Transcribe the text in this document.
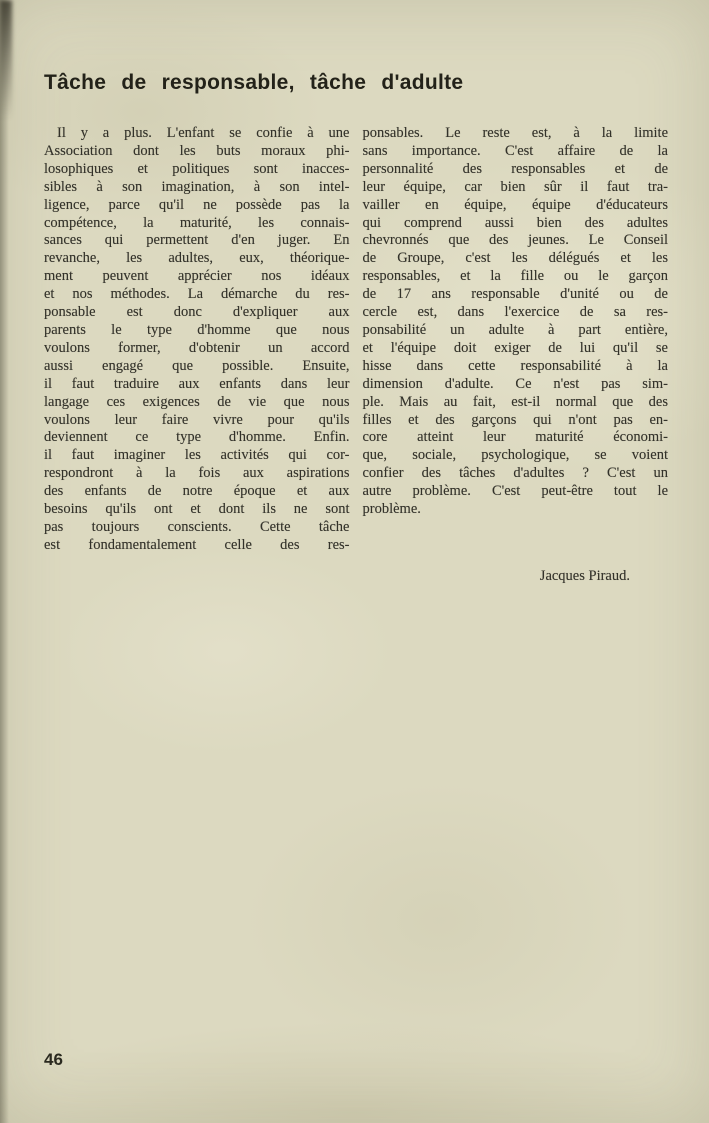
Tâche de responsable, tâche d'adulte
Il y a plus. L'enfant se confie à une
Association dont les buts moraux phi-
losophiques et politiques sont inacces-
sibles à son imagination, à son intel-
ligence, parce qu'il ne possède pas la
compétence, la maturité, les connais-
sances qui permettent d'en juger. En
revanche, les adultes, eux, théorique-
ment peuvent apprécier nos idéaux
et nos méthodes. La démarche du res-
ponsable est donc d'expliquer aux
parents le type d'homme que nous
voulons former, d'obtenir un accord
aussi engagé que possible. Ensuite,
il faut traduire aux enfants dans leur
langage ces exigences de vie que nous
voulons leur faire vivre pour qu'ils
deviennent ce type d'homme. Enfin.
il faut imaginer les activités qui cor-
respondront à la fois aux aspirations
des enfants de notre époque et aux
besoins qu'ils ont et dont ils ne sont
pas toujours conscients. Cette tâche
est fondamentalement celle des res-
ponsables. Le reste est, à la limite
sans importance. C'est affaire de la
personnalité des responsables et de
leur équipe, car bien sûr il faut tra-
vailler en équipe, équipe d'éducateurs
qui comprend aussi bien des adultes
chevronnés que des jeunes. Le Conseil
de Groupe, c'est les délégués et les
responsables, et la fille ou le garçon
de 17 ans responsable d'unité ou de
cercle est, dans l'exercice de sa res-
ponsabilité un adulte à part entière,
et l'équipe doit exiger de lui qu'il se
hisse dans cette responsabilité à la
dimension d'adulte. Ce n'est pas sim-
ple. Mais au fait, est-il normal que des
filles et des garçons qui n'ont pas en-
core atteint leur maturité économi-
que, sociale, psychologique, se voient
confier des tâches d'adultes ? C'est un
autre problème. C'est peut-être tout le
problème.
Jacques Piraud.
46
